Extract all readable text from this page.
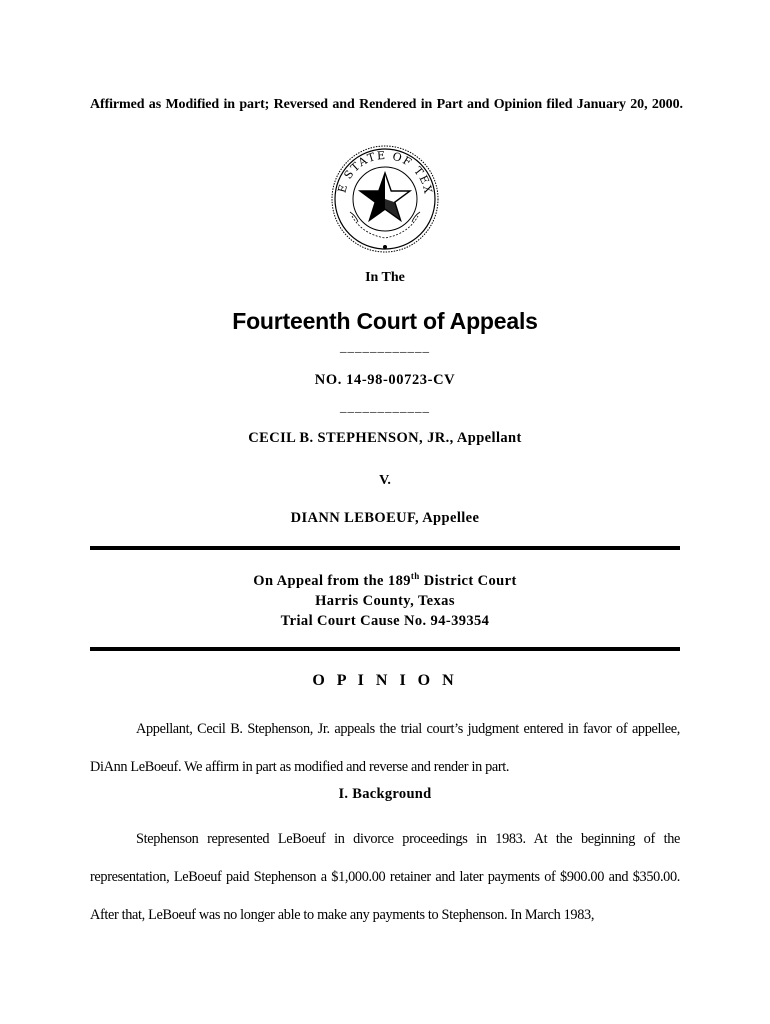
Affirmed as Modified in part; Reversed and Rendered in Part and Opinion filed January 20, 2000.
E STATE OF TEX
In The
Fourteenth Court of Appeals
____________
NO. 14-98-00723-CV
____________
CECIL B. STEPHENSON, JR., Appellant
V.
DIANN LEBOEUF, Appellee
On Appeal from the 189th District Court
Harris County, Texas
Trial Court Cause No. 94-39354
O P I N I O N
Appellant, Cecil B. Stephenson, Jr. appeals the trial court’s judgment entered in favor of appellee, DiAnn LeBoeuf. We affirm in part as modified and reverse and render in part.
I. Background
Stephenson represented LeBoeuf in divorce proceedings in 1983. At the beginning of the representation, LeBoeuf paid Stephenson a $1,000.00 retainer and later payments of $900.00 and $350.00. After that, LeBoeuf was no longer able to make any payments to Stephenson. In March 1983,
